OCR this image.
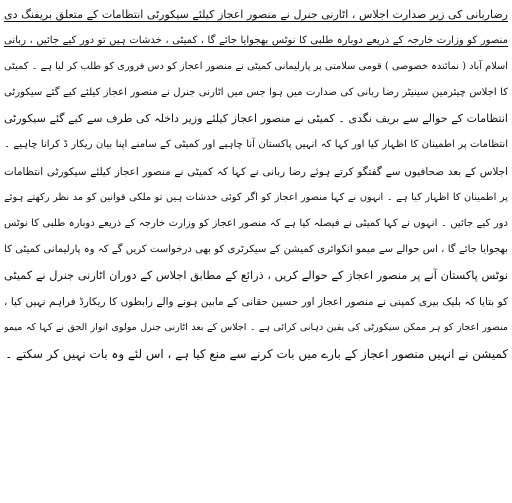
رضاربانی کی زیر صدارت اجلاس ، اٹارنی جنرل نے منصور اعجاز کیلئے سیکورٹی انتظامات کے متعلق بریفنگ دی
منصور کو وزارت خارجہ کے ذریعے دوبارہ طلبی کا نوٹس بھجوایا جائے گا ، کمیٹی ، خدشات ہیں تو دور کیے جائیں ، ربانی
اسلام آباد ( نمائندہ خصوصی ) قومی سلامتی پر پارلیمانی کمیٹی نے منصور اعجاز کو دس فروری کو طلب کر لیا ہے ۔ کمیٹی
کا اجلاس چیئرمین سینیٹر رضا ربانی کی صدارت میں ہوا جس میں اٹارنی جنرل نے منصور اعجاز کیلئے کیے گئے سیکورٹی
انتظامات کے حوالے سے بریف نگدی ۔ کمیٹی نے منصور اعجاز کیلئے وزیر داخلہ کی طرف سے کیے گئے سیکورٹی
انتظامات پر اطمینان کا اظہار کیا اور کہا کہ انہیں پاکستان آنا چاہیے اور کمیٹی کے سامنے اپنا بیان ریکار ڈ کرانا چاہیے ۔
اجلاس کے بعد صحافیوں سے گفتگو کرتے ہوئے رضا ربانی نے کہا کہ کمیٹی نے منصور اعجاز کیلئے سیکورٹی انتظامات
پر اطمینان کا اظہار کیا ہے ۔ انہوں نے کہا منصور اعجاز کو اگر کوئی خدشات ہیں تو ملکی قوانین کو مد نظر رکھتے ہوئے
دور کیے جائیں ۔ انہوں نے کہا کمیٹی نے فیصلہ کیا ہے کہ منصور اعجاز کو وزارت خارجہ کے ذریعے دوبارہ طلبی کا نوٹس
بھجوایا جائے گا ، اس حوالے سے میمو انکوائری کمیشن کے سیکرٹری کو بھی درخواست کریں گے کہ وہ پارلیمانی کمیٹی کا
نوٹس پاکستان آنے پر منصور اعجاز کے حوالے کریں ، ذرائع کے مطابق اجلاس کے دوران اٹارنی جنرل نے کمیٹی
کو بتایا کہ بلیک بیری کمپنی نے منصور اعجاز اور حسین حقانی کے مابین ہونے والے رابطوں کا ریکارڈ فراہم نہیں کیا ،
منصور اعجاز کو ہر ممکن سیکورٹی کی یقین دہانی کرائی ہے ۔ اجلاس کے بعد اٹارنی جنرل مولوی انوار الحق نے کہا کہ میمو
کمیشن نے انہیں منصور اعجاز کے بارے میں بات کرنے سے منع کیا ہے ، اس لئے وہ بات نہیں کر سکتے ۔
